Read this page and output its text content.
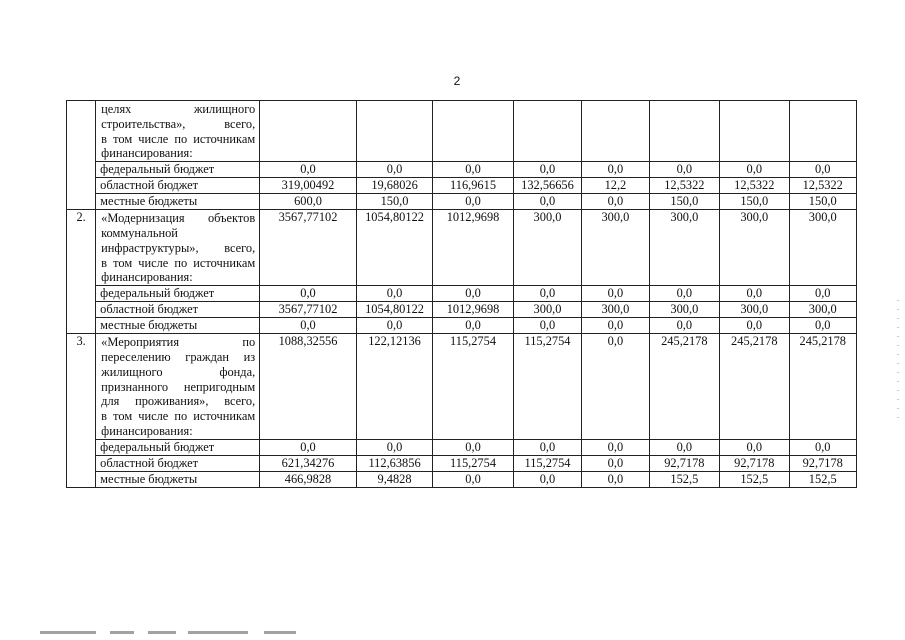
2

	целях жилищного строительства», всего,
в том числе по источникам
финансирования:								

	федеральный бюджет	0,0	0,0	0,0	0,0	0,0	0,0	0,0	0,0
	областной бюджет	319,00492	19,68026	116,9615	132,56656	12,2	12,5322	12,5322	12,5322
	местные бюджеты	600,0	150,0	0,0	0,0	0,0	150,0	150,0	150,0
2.	«Модернизация объектов коммунальной инфраструктуры», всего,
в том числе по источникам
финансирования:	3567,77102	1054,80122	1012,9698	300,0	300,0	300,0	300,0	300,0
	федеральный бюджет	0,0	0,0	0,0	0,0	0,0	0,0	0,0	0,0
	областной бюджет	3567,77102	1054,80122	1012,9698	300,0	300,0	300,0	300,0	300,0
	местные бюджеты	0,0	0,0	0,0	0,0	0,0	0,0	0,0	0,0
3.	«Мероприятия по переселению граждан из жилищного фонда, признанного непригодным для проживания», всего,
в том числе по источникам
финансирования:	1088,32556	122,12136	115,2754	115,2754	0,0	245,2178	245,2178	245,2178
	федеральный бюджет	0,0	0,0	0,0	0,0	0,0	0,0	0,0	0,0
	областной бюджет	621,34276	112,63856	115,2754	115,2754	0,0	92,7178	92,7178	92,7178
	местные бюджеты	466,9828	9,4828	0,0	0,0	0,0	152,5	152,5	152,5
